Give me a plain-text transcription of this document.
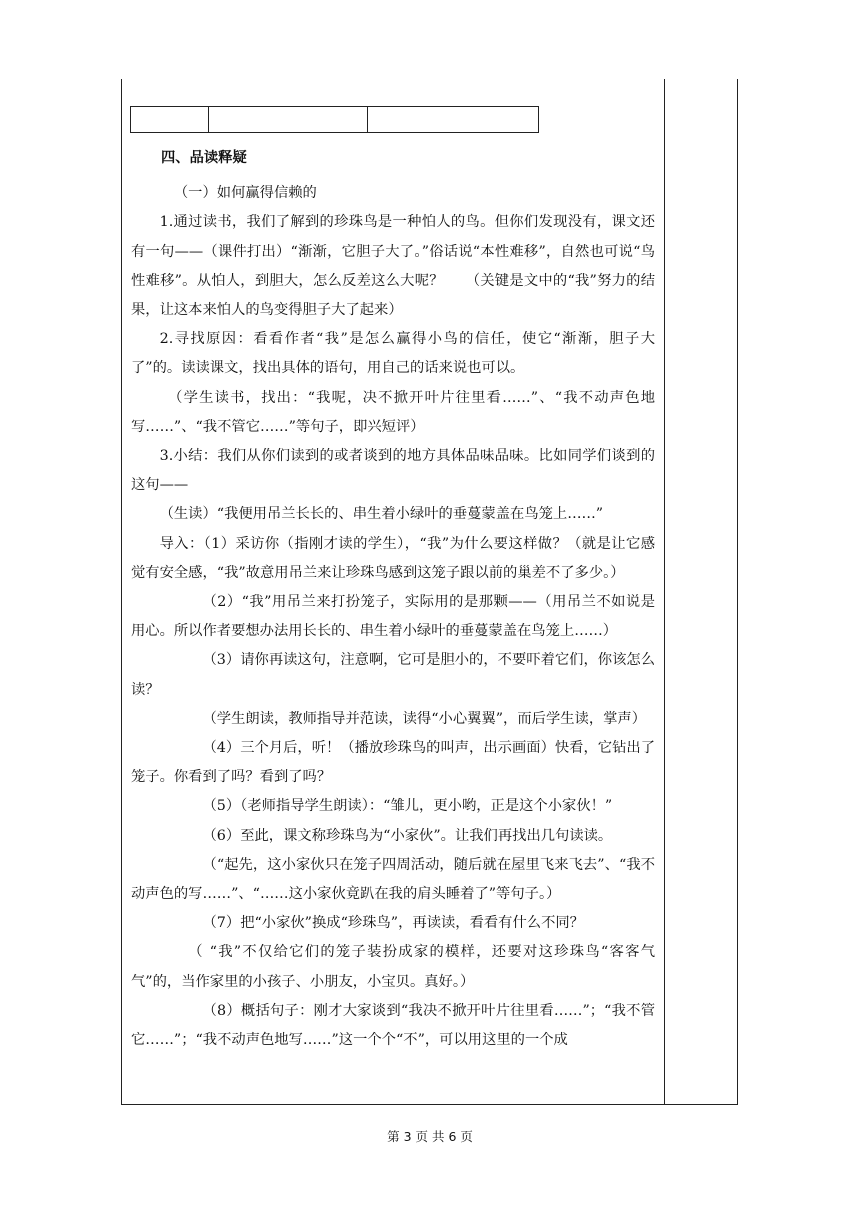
四、品读释疑

（一）如何赢得信赖的

1.通过读书，我们了解到的珍珠鸟是一种怕人的鸟。但你们发现没有，课文还有一句——（课件打出）“渐渐，它胆子大了。”俗话说“本性难移”，自然也可说“鸟性难移”。从怕人，到胆大，怎么反差这么大呢？　　（关键是文中的“我”努力的结果，让这本来怕人的鸟变得胆子大了起来）

2.寻找原因：看看作者“我”是怎么赢得小鸟的信任，使它“渐渐，胆子大了”的。读读课文，找出具体的语句，用自己的话来说也可以。

（学生读书，找出：“我呢，决不掀开叶片往里看……”、“我不动声色地写……”、“我不管它……”等句子，即兴短评）

3.小结：我们从你们读到的或者谈到的地方具体品味品味。比如同学们谈到的这句——

（生读）“我便用吊兰长长的、串生着小绿叶的垂蔓蒙盖在鸟笼上……”

导入：（1）采访你（指刚才读的学生），“我”为什么要这样做？（就是让它感觉有安全感，“我”故意用吊兰来让珍珠鸟感到这笼子跟以前的巢差不了多少。）

（2）“我”用吊兰来打扮笼子，实际用的是那颗——（用吊兰不如说是用心。所以作者要想办法用长长的、串生着小绿叶的垂蔓蒙盖在鸟笼上……）

（3）请你再读这句，注意啊，它可是胆小的，不要吓着它们，你该怎么读？

（学生朗读，教师指导并范读，读得“小心翼翼”，而后学生读，掌声）

（4）三个月后，听！（播放珍珠鸟的叫声，出示画面）快看，它钻出了笼子。你看到了吗？看到了吗？

（5）（老师指导学生朗读）：“雏儿，更小哟，正是这个小家伙！”

（6）至此，课文称珍珠鸟为“小家伙”。让我们再找出几句读读。

（“起先，这小家伙只在笼子四周活动，随后就在屋里飞来飞去”、“我不动声色的写……”、“……这小家伙竟趴在我的肩头睡着了”等句子。）

（7）把“小家伙”换成“珍珠鸟”，再读读，看看有什么不同？

（ “我”不仅给它们的笼子装扮成家的模样，还要对这珍珠鸟“客客气气”的，当作家里的小孩子、小朋友，小宝贝。真好。）

（8）概括句子：刚才大家谈到“我决不掀开叶片往里看……”；“我不管它……”；“我不动声色地写……”这一个个“不”，可以用这里的一个成

第 3 页 共 6 页
